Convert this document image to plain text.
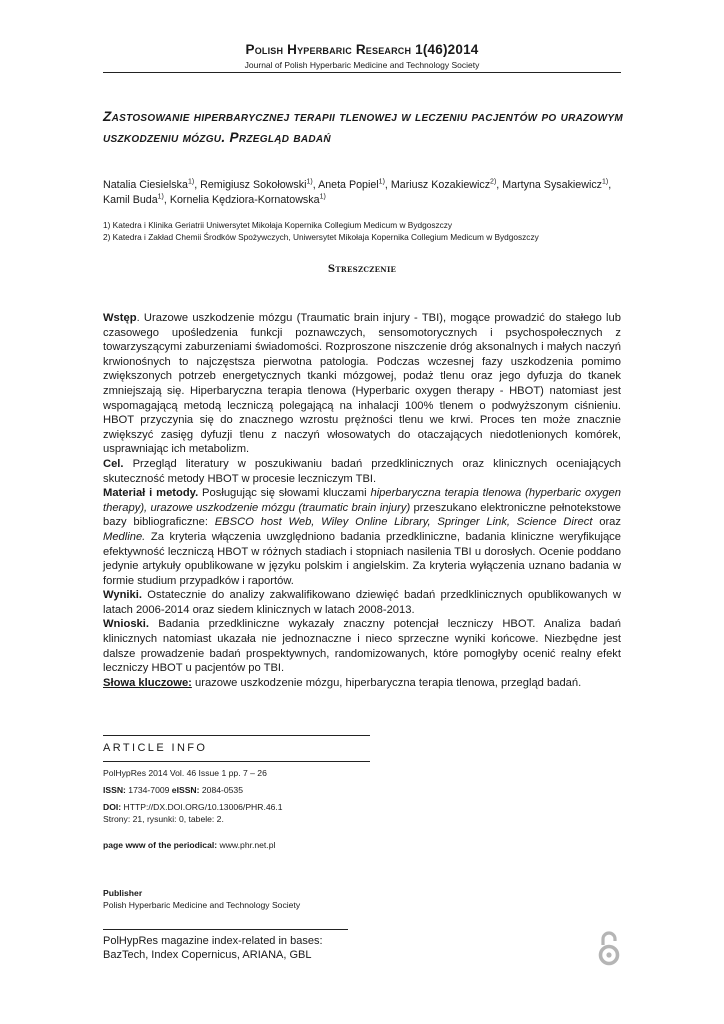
Polish Hyperbaric Research 1(46)2014
Journal of Polish Hyperbaric Medicine and Technology Society
Zastosowanie hiperbarycznej terapii tlenowej w leczeniu pacjentów po urazowym uszkodzeniu mózgu. Przegląd badań
Natalia Ciesielska$^{1)}$, Remigiusz Sokołowski$^{1)}$, Aneta Popiel$^{1)}$, Mariusz Kozakiewicz$^{2)}$, Martyna Sysakiewicz$^{1)}$, Kamil Buda$^{1)}$, Kornelia Kędziora-Kornatowska$^{1)}$
1) Katedra i Klinika Geriatrii Uniwersytet Mikołaja Kopernika Collegium Medicum w Bydgoszczy
2) Katedra i Zakład Chemii Środków Spożywczych, Uniwersytet Mikołaja Kopernika Collegium Medicum w Bydgoszczy
Streszczenie

Wstęp. Urazowe uszkodzenie mózgu (Traumatic brain injury - TBI), mogące prowadzić do stałego lub czasowego upośledzenia funkcji poznawczych, sensomotorycznych i psychospołecznych z towarzyszącymi zaburzeniami świadomości. Rozproszone niszczenie dróg aksonalnych i małych naczyń krwionośnych to najczęstsza pierwotna patologia. Podczas wczesnej fazy uszkodzenia pomimo zwiększonych potrzeb energetycznych tkanki mózgowej, podaż tlenu oraz jego dyfuzja do tkanek zmniejszają się. Hiperbaryczna terapia tlenowa (Hyperbaric oxygen therapy - HBOT) natomiast jest wspomagającą metodą leczniczą polegającą na inhalacji 100% tlenem o podwyższonym ciśnieniu. HBOT przyczynia się do znacznego wzrostu prężności tlenu we krwi. Proces ten może znacznie zwiększyć zasięg dyfuzji tlenu z naczyń włosowatych do otaczających niedotlenionych komórek, usprawniając ich metabolizm.

Cel. Przegląd literatury w poszukiwaniu badań przedklinicznych oraz klinicznych oceniających skuteczność metody HBOT w procesie leczniczym TBI.

Materiał i metody. Posługując się słowami kluczami hiperbaryczna terapia tlenowa (hyperbaric oxygen therapy), urazowe uszkodzenie mózgu (traumatic brain injury) przeszukano elektroniczne pełnotekstowe bazy bibliograficzne: EBSCO host Web, Wiley Online Library, Springer Link, Science Direct oraz Medline. Za kryteria włączenia uwzględniono badania przedkliniczne, badania kliniczne weryfikujące efektywność leczniczą HBOT w różnych stadiach i stopniach nasilenia TBI u dorosłych. Ocenie poddano jedynie artykuły opublikowane w języku polskim i angielskim. Za kryteria wyłączenia uznano badania w formie studium przypadków i raportów.

Wyniki. Ostatecznie do analizy zakwalifikowano dziewięć badań przedklinicznych opublikowanych w latach 2006-2014 oraz siedem klinicznych w latach 2008-2013.

Wnioski. Badania przedkliniczne wykazały znaczny potencjał leczniczy HBOT. Analiza badań klinicznych natomiast ukazała nie jednoznaczne i nieco sprzeczne wyniki końcowe. Niezbędne jest dalsze prowadzenie badań prospektywnych, randomizowanych, które pomogłyby ocenić realny efekt leczniczy HBOT u pacjentów po TBI.

Słowa kluczowe: urazowe uszkodzenie mózgu, hiperbaryczna terapia tlenowa, przegląd badań.

ARTICLE INFO
PolHypRes 2014 Vol. 46 Issue 1 pp. 7 – 26
ISSN: 1734-7009 eISSN: 2084-0535
DOI: HTTP://DX.DOI.ORG/10.13006/PHR.46.1
Strony: 21, rysunki: 0, tabele: 2.
page www of the periodical: www.phr.net.pl
Publisher
Polish Hyperbaric Medicine and Technology Society
PolHypRes magazine index-related in bases:
BazTech, Index Copernicus, ARIANA, GBL
